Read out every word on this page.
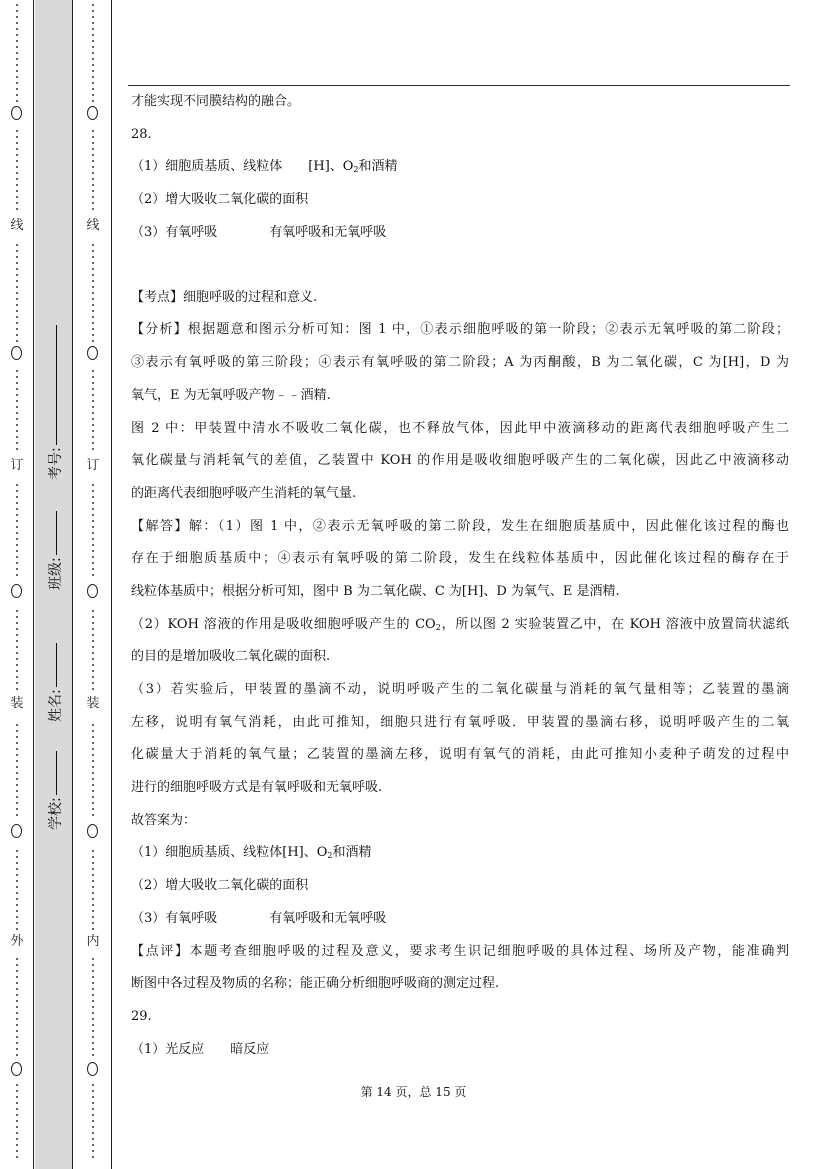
线
订
装
外
线
订
装
内
学校:
姓名:
班级:
考号:
才能实现不同膜结构的融合。
28.
（1）细胞质基质、线粒体 [H]、$O_2$和酒精
（2）增大吸收二氧化碳的面积
（3）有氧呼吸	有氧呼吸和无氧呼吸
【考点】细胞呼吸的过程和意义.
【分析】根据题意和图示分析可知：图 1 中，①表示细胞呼吸的第一阶段；②表示无氧呼吸的第二阶段；
③表示有氧呼吸的第三阶段；④表示有氧呼吸的第二阶段；A 为丙酮酸，B 为二氧化碳，C 为[H]，D 为
氧气，E 为无氧呼吸产物﹣﹣酒精.
图 2 中：甲装置中清水不吸收二氧化碳，也不释放气体，因此甲中液滴移动的距离代表细胞呼吸产生二
氧化碳量与消耗氧气的差值，乙装置中 KOH 的作用是吸收细胞呼吸产生的二氧化碳，因此乙中液滴移动
的距离代表细胞呼吸产生消耗的氧气量.
【解答】解：（1）图 1 中，②表示无氧呼吸的第二阶段，发生在细胞质基质中，因此催化该过程的酶也
存在于细胞质基质中；④表示有氧呼吸的第二阶段，发生在线粒体基质中，因此催化该过程的酶存在于
线粒体基质中；根据分析可知，图中 B 为二氧化碳、C 为[H]、D 为氧气、E 是酒精.
（2）KOH 溶液的作用是吸收细胞呼吸产生的 $CO_2$，所以图 2 实验装置乙中，在 KOH 溶液中放置筒状滤纸
的目的是增加吸收二氧化碳的面积.
（3）若实验后，甲装置的墨滴不动，说明呼吸产生的二氧化碳量与消耗的氧气量相等；乙装置的墨滴
左移，说明有氧气消耗，由此可推知，细胞只进行有氧呼吸．甲装置的墨滴右移，说明呼吸产生的二氧
化碳量大于消耗的氧气量；乙装置的墨滴左移，说明有氧气的消耗，由此可推知小麦种子萌发的过程中
进行的细胞呼吸方式是有氧呼吸和无氧呼吸.
故答案为：
（1）细胞质基质、线粒体[H]、$O_2$和酒精
（2）增大吸收二氧化碳的面积
（3）有氧呼吸	有氧呼吸和无氧呼吸
【点评】本题考查细胞呼吸的过程及意义，要求考生识记细胞呼吸的具体过程、场所及产物，能准确判
断图中各过程及物质的名称；能正确分析细胞呼吸商的测定过程.
29.
（1）光反应 暗反应
第 14 页，总 15 页
